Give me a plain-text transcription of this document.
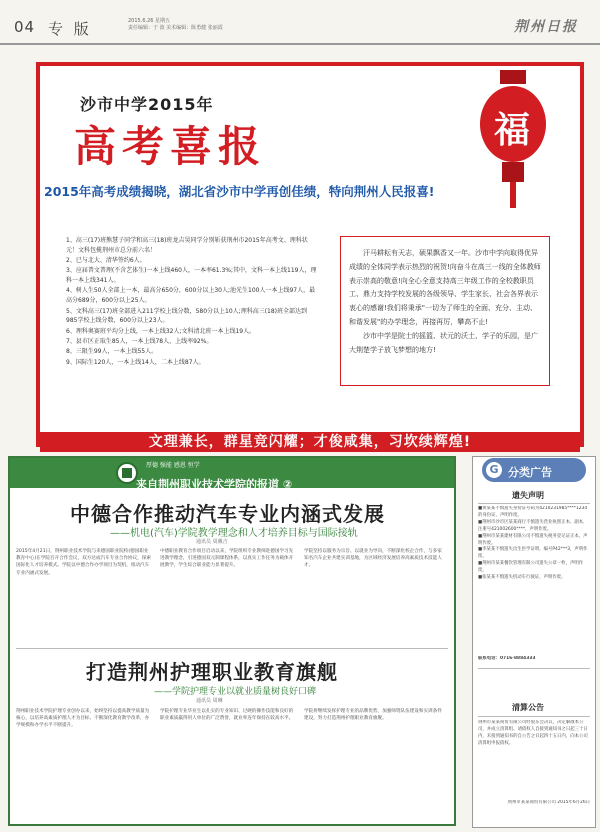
04 专 版	2015.6.26 星期五
责任编辑：于 波 美术编辑：陈勇健 张丽霞	荆州日报
沙市中学2015年
高考喜报	福
2015年高考成绩揭晓，湖北省沙市中学再创佳绩，特向荆州人民报喜!
1、高三(17)班熊慧子同学和高三(18)班龙吉昊同学分别斩获荆州市2015年高考文、理科状元！文科包揽荆州市总分前六名！
2、已与北大、清华签约6人。
3、应届普文普理(不含艺体生)一本上线460人，一本率61.3%;其中，文科一本上线119人，理科一本上线341人。
4、树人生50人全部上一本，最高分650分，600分以上30人;池光生100人一本上线97人，最高分689分，600分以上25人。
5、文科高三(17)班全部进入211学校上线分数，580分以上10人;理科高三(18)班全部达到985学校上线分数，600分以上23人。
6、理科奥赛班平均分上线，一本上线32人;文科清北班一本上线19人。
7、县市区正取生85人，一本上线78人，上线率92%。
8、三限生99人，一本上线55人。
9、国际生120人，一本上线14人，二本上线87人。

汗马耕耘有天志，硕果飘香又一年。沙市中学向取得优异成绩的全体同学表示热烈的祝贺!向奋斗在高三一线的全体教师表示崇高的敬意!向全心全意支持高三年级工作的全校教职员工、鼎力支持学校发展的各级领导、学生家长、社会各界表示衷心的感谢!我们将秉承"一切为了师生的全面、充分、主动、和谐发展"的办学理念，再接再厉，攀高不止!

沙市中学是院士的摇篮、状元的沃土、学子的乐园，是广大荆楚学子放飞梦想的地方!

文理兼长，群星竞闪耀；才俊咸集，习坎续辉煌!
厚德 强能 感恩 恒学
来自荆州职业技术学院的报道 ②
中德合作推动汽车专业内涵式发展
——机电(汽车)学院教学理念和人才培养目标与国际接轨
通讯员 周戴吉

2015年4月21日，荆州职业技术学院与来德国职业院校(德国职业教育中心)在学院召开合作会议，双方达成汽车专业合作协议，探索国际化人才培养模式。学院以中德合作办学项目为契机，推动汽车专业内涵式发展。

中德职业教育合作项目启动以来，学院组织专业教师赴德国学习先进教学理念，引进德国双元制课程体系，以真实工作任务为载体开展教学，学生综合职业能力显著提升。

学院坚持以服务为宗旨、以就业为导向，不断深化校企合作，与多家知名汽车企业共建实训基地，为区域经济发展培养高素质技术技能人才。

打造荆州护理职业教育旗舰
——学院护理专业以就业质量树良好口碑
通讯员 周琳

荆州职业技术学院护理专业创办以来，始终坚持以提高教学质量为核心，以培养高素质护理人才为目标，不断深化教育教学改革，办学规模和办学水平不断提升。

学院护理专业毕业生以扎实的专业知识、过硬的操作技能和良好的职业素质赢得用人单位的广泛赞誉，就业率连年保持在较高水平。

学院将继续发挥护理专业的品牌优势，加强师资队伍建设和实训条件建设，努力打造荆州护理职业教育旗舰。

G 分类广告
遗失声明

■黄某某不慎遗失身份证号码为4210231985****1234的身份证，声明作废。

■荆州市沙市区某某商行不慎遗失营业执照正本、副本，注册号421002600****，声明作废。

■荆州市某某建材有限公司不慎遗失税务登记证正本，声明作废。

■李某某不慎遗失出生医学证明，编号P42***3，声明作废。

■荆州市某某餐饮管理有限公司遗失公章一枚，声明作废。

■张某某不慎遗失机动车行驶证，声明作废。

联系电话：0716-8884333
清算公告
荆州市某某商贸有限公司经股东会决议，决定解散本公司，并成立清算组。请债权人自接到通知书之日起三十日内，未接到通知书的自公告之日起四十五日内，向本公司清算组申报债权。
荆州市某某商贸有限公司 2015年6月26日
